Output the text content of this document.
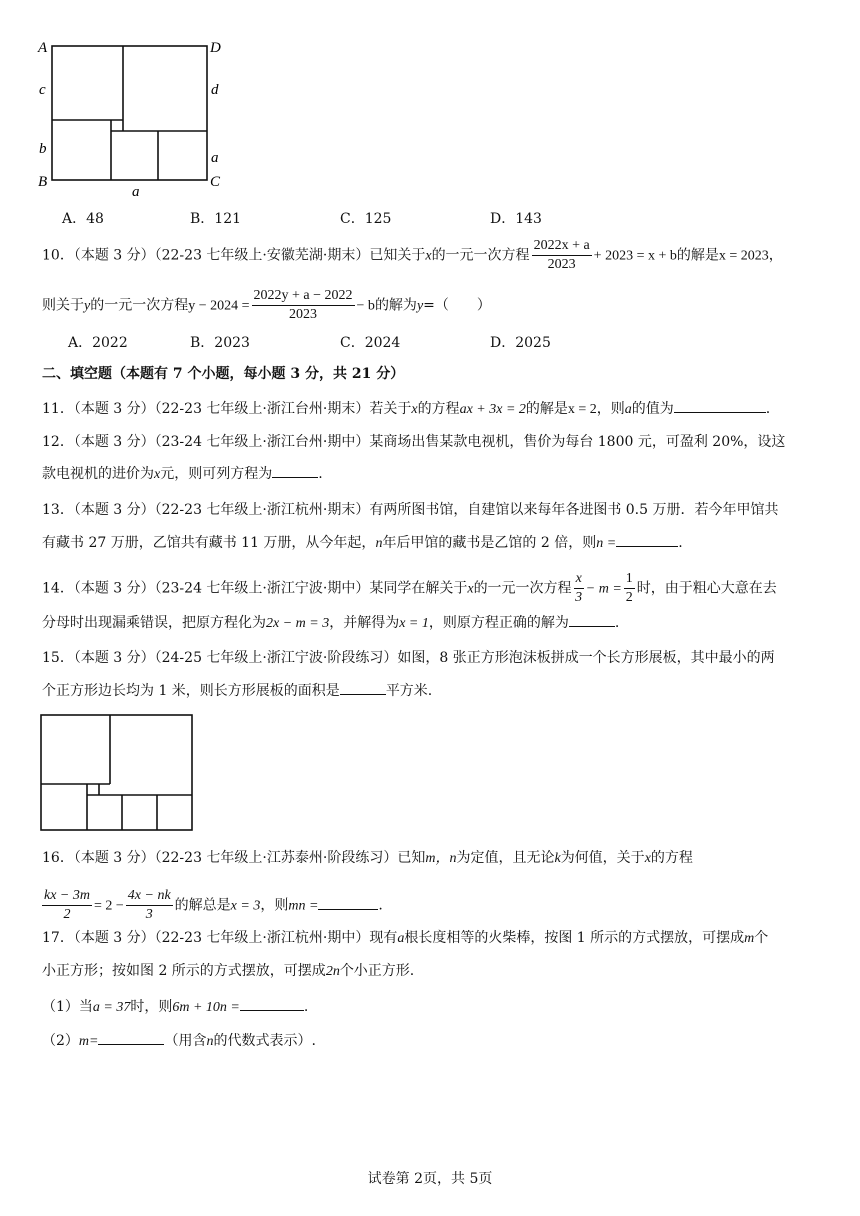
A	D
B	C
c	d
b
a
a
A．48	B．121	C．125	D．143
10．（本题 3 分）（22-23 七年级上·安徽芜湖·期末）已知关于x的一元一次方程 $\frac{2022x + a}{2023} + 2023 = x + b$的解是x = 2023，
则关于y的一元一次方程$y - 2024 = \frac{2022y + a - 2022}{2023} - b$的解为y=（　　）
A．2022	B．2023	C．2024	D．2025
二、填空题（本题有 7 个小题，每小题 3 分，共 21 分）
11．（本题 3 分）（22-23 七年级上·浙江台州·期末）若关于x的方程ax + 3x = 2的解是x = 2，则a的值为	.
12．（本题 3 分）（23-24 七年级上·浙江台州·期中）某商场出售某款电视机，售价为每台 1800 元，可盈利 20%，设这
款电视机的进价为x元，则可列方程为	.
13．（本题 3 分）（22-23 七年级上·浙江杭州·期末）有两所图书馆，自建馆以来每年各进图书 0.5 万册．若今年甲馆共
有藏书 27 万册，乙馆共有藏书 11 万册，从今年起，n年后甲馆的藏书是乙馆的 2 倍，则n =	.
14．（本题 3 分）（23-24 七年级上·浙江宁波·期中）某同学在解关于x的一元一次方程 $\frac{x}{3} - m = \frac{1}{2}$ 时，由于粗心大意在去
分母时出现漏乘错误，把原方程化为2x − m = 3，并解得为x = 1，则原方程正确的解为	.
15．（本题 3 分）（24-25 七年级上·浙江宁波·阶段练习）如图，8 张正方形泡沫板拼成一个长方形展板，其中最小的两
个正方形边长均为 1 米，则长方形展板的面积是	平方米.
16．（本题 3 分）（22-23 七年级上·江苏泰州·阶段练习）已知m，n为定值，且无论k为何值，关于x的方程
$\frac{kx - 3m}{2} = 2 - \frac{4x - nk}{3}$ 的解总是x = 3，则mn =	.
17．（本题 3 分）（22-23 七年级上·浙江杭州·期中）现有a根长度相等的火柴棒，按图 1 所示的方式摆放，可摆成m个
小正方形；按如图 2 所示的方式摆放，可摆成2n个小正方形.
（1）当a = 37时，则6m + 10n =	.
（2）m=	（用含n的代数式表示）.
试卷第 2页，共 5页
